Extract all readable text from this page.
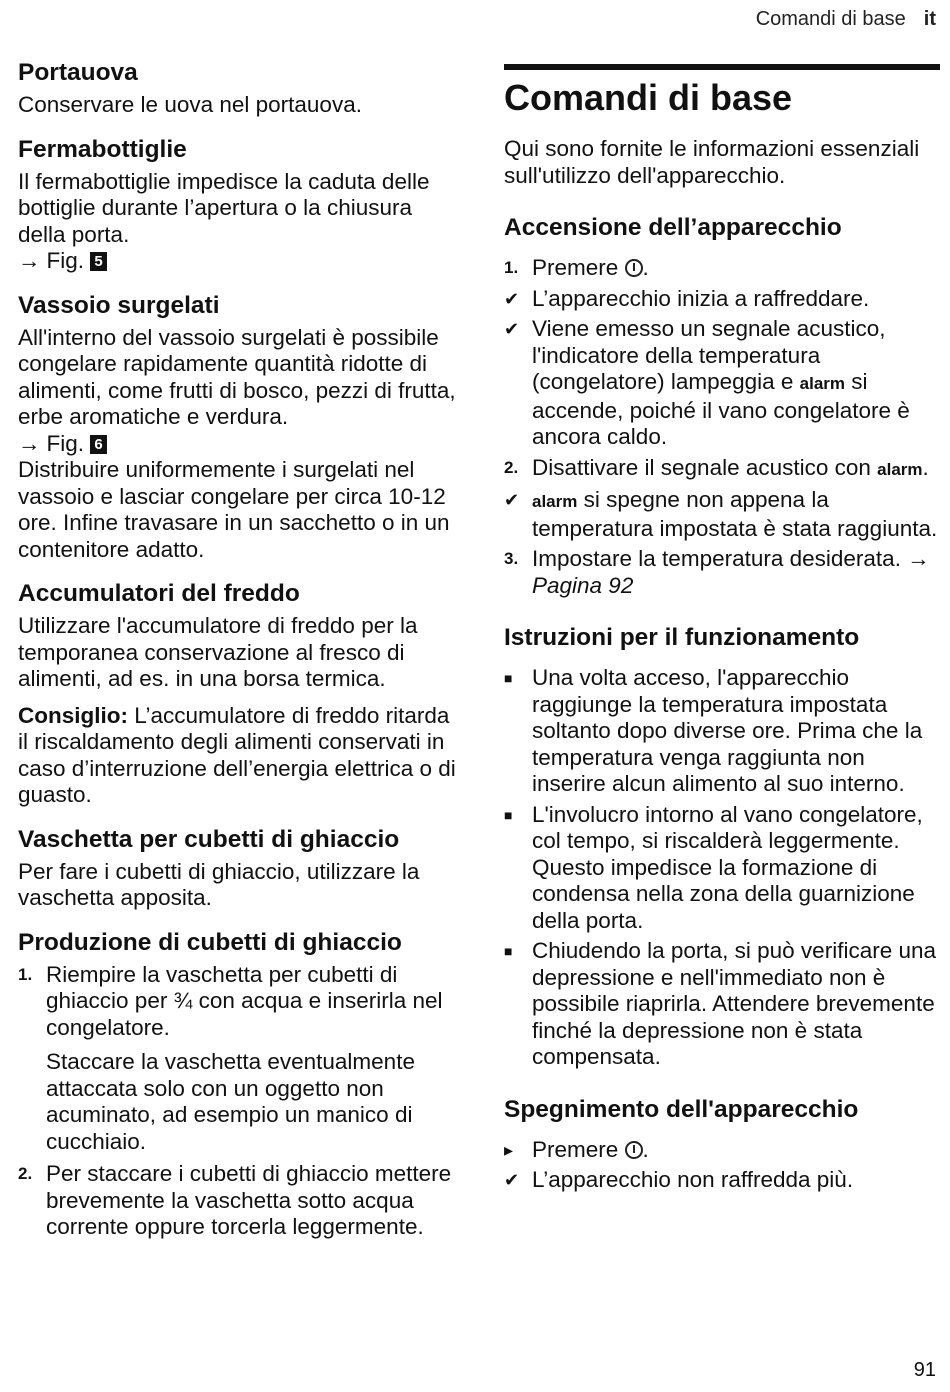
Comandi di base it
Portauova

Conservare le uova nel portauova.

Fermabottiglie

Il fermabottiglie impedisce la caduta delle bottiglie durante l’apertura o la chiusura della porta.

→ Fig. 5

Vassoio surgelati

All'interno del vassoio surgelati è possibile congelare rapidamente quantità ridotte di alimenti, come frutti di bosco, pezzi di frutta, erbe aromatiche e verdura.

→ Fig. 6

Distribuire uniformemente i surgelati nel vassoio e lasciar congelare per circa 10-12 ore. Infine travasare in un sacchetto o in un contenitore adatto.

Accumulatori del freddo

Utilizzare l'accumulatore di freddo per la temporanea conservazione al fresco di alimenti, ad es. in una borsa termica.

Consiglio: L’accumulatore di freddo ritarda il riscaldamento degli alimenti conservati in caso d’interruzione dell’energia elettrica o di guasto.

Vaschetta per cubetti di ghiaccio

Per fare i cubetti di ghiaccio, utilizzare la vaschetta apposita.

Produzione di cubetti di ghiaccio
1. Riempire la vaschetta per cubetti di ghiaccio per ¾ con acqua e inserirla nel congelatore.

Staccare la vaschetta eventualmente attaccata solo con un oggetto non acuminato, ad esempio un manico di cucchiaio.

2. Per staccare i cubetti di ghiaccio mettere brevemente la vaschetta sotto acqua corrente oppure torcerla leggermente.
Comandi di base

Qui sono fornite le informazioni essenziali sull'utilizzo dell'apparecchio.

Accensione dell’apparecchio
1. Premere .
✔ L’apparecchio inizia a raffreddare.
✔ Viene emesso un segnale acustico, l'indicatore della temperatura (congelatore) lampeggia e alarm si accende, poiché il vano congelatore è ancora caldo.
2. Disattivare il segnale acustico con alarm.
✔ alarm si spegne non appena la temperatura impostata è stata raggiunta.
3. Impostare la temperatura desiderata. → Pagina 92
Istruzioni per il funzionamento
■ Una volta acceso, l'apparecchio raggiunge la temperatura impostata soltanto dopo diverse ore. Prima che la temperatura venga raggiunta non inserire alcun alimento al suo interno.
■ L'involucro intorno al vano congelatore, col tempo, si riscalderà leggermente. Questo impedisce la formazione di condensa nella zona della guarnizione della porta.
■ Chiudendo la porta, si può verificare una depressione e nell'immediato non è possibile riaprirla. Attendere brevemente finché la depressione non è stata compensata.
Spegnimento dell'apparecchio
▸ Premere .
✔ L’apparecchio non raffredda più.
91
